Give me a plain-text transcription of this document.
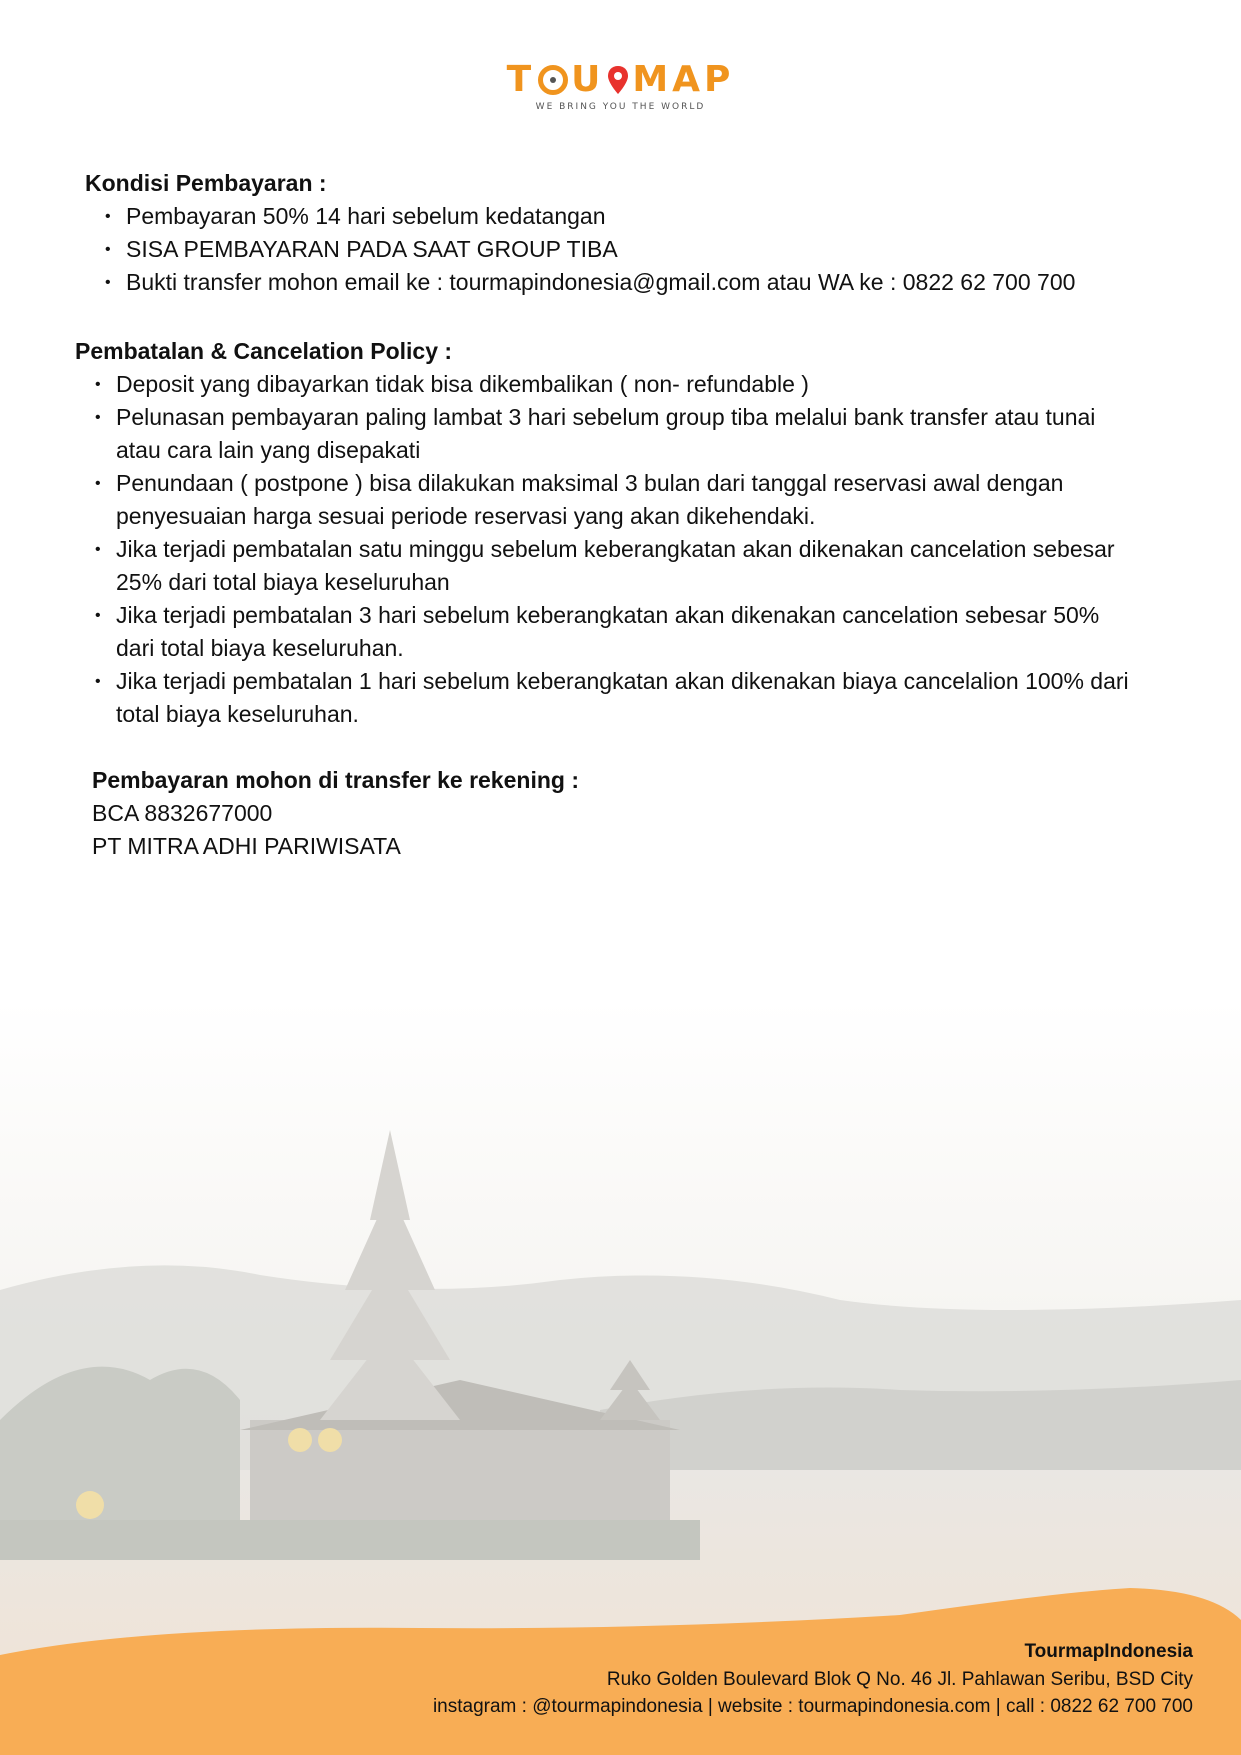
T U MAP
WE BRING YOU THE WORLD
Kondisi Pembayaran :
• Pembayaran 50% 14 hari sebelum kedatangan
• SISA PEMBAYARAN PADA SAAT GROUP TIBA
• Bukti transfer mohon email ke : tourmapindonesia@gmail.com atau WA ke : 0822 62 700 700
Pembatalan & Cancelation Policy :
• Deposit yang dibayarkan tidak bisa dikembalikan ( non- refundable )
• Pelunasan pembayaran paling lambat 3 hari sebelum group tiba melalui bank transfer atau tunai atau cara lain yang disepakati
• Penundaan ( postpone ) bisa dilakukan maksimal 3 bulan dari tanggal reservasi awal dengan penyesuaian harga sesuai periode reservasi yang akan dikehendaki.
• Jika terjadi pembatalan satu minggu sebelum keberangkatan akan dikenakan cancelation sebesar 25% dari total biaya keseluruhan
• Jika terjadi pembatalan 3 hari sebelum keberangkatan akan dikenakan cancelation sebesar 50% dari total biaya keseluruhan.
• Jika terjadi pembatalan 1 hari sebelum keberangkatan akan dikenakan biaya cancelalion 100% dari total biaya keseluruhan.
Pembayaran mohon di transfer ke rekening :

BCA 8832677000

PT MITRA ADHI PARIWISATA

TourmapIndonesia
Ruko Golden Boulevard Blok Q No. 46 Jl. Pahlawan Seribu, BSD City
instagram : @tourmapindonesia | website : tourmapindonesia.com | call : 0822 62 700 700
